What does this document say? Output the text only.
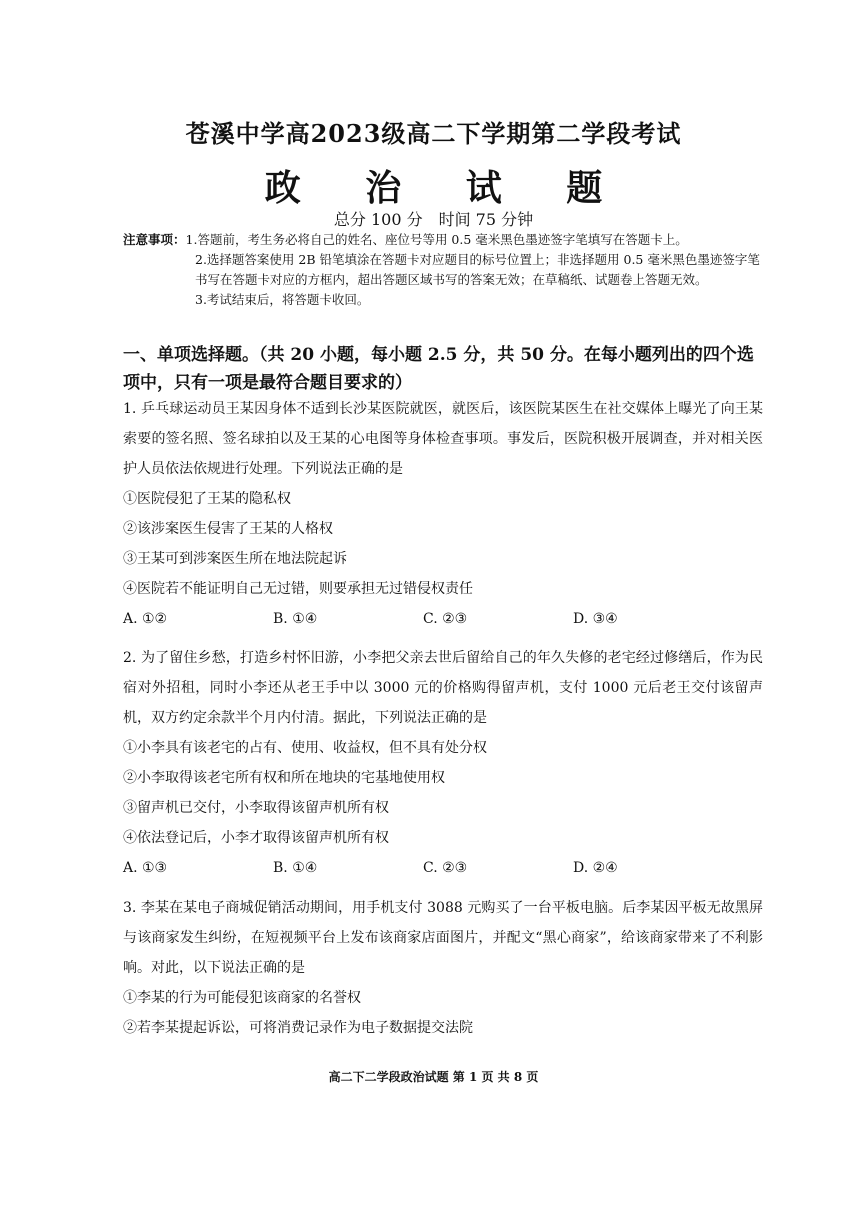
苍溪中学高2023级高二下学期第二学段考试
政 治 试 题
总分 100 分　时间 75 分钟
注意事项：1.答题前，考生务必将自己的姓名、座位号等用 0.5 毫米黑色墨迹签字笔填写在答题卡上。
2.选择题答案使用 2B 铅笔填涂在答题卡对应题目的标号位置上；非选择题用 0.5 毫米黑色墨迹签字笔书写在答题卡对应的方框内，超出答题区域书写的答案无效；在草稿纸、试题卷上答题无效。
3.考试结束后，将答题卡收回。
一、单项选择题。（共 20 小题，每小题 2.5 分，共 50 分。在每小题列出的四个选项中，只有一项是最符合题目要求的）
1. 乒乓球运动员王某因身体不适到长沙某医院就医，就医后，该医院某医生在社交媒体上曝光了向王某索要的签名照、签名球拍以及王某的心电图等身体检查事项。事发后，医院积极开展调查，并对相关医护人员依法依规进行处理。下列说法正确的是
①医院侵犯了王某的隐私权
②该涉案医生侵害了王某的人格权
③王某可到涉案医生所在地法院起诉
④医院若不能证明自己无过错，则要承担无过错侵权责任
A. ①②	B. ①④	C. ②③	D. ③④
2. 为了留住乡愁，打造乡村怀旧游，小李把父亲去世后留给自己的年久失修的老宅经过修缮后，作为民宿对外招租，同时小李还从老王手中以 3000 元的价格购得留声机，支付 1000 元后老王交付该留声机，双方约定余款半个月内付清。据此，下列说法正确的是
①小李具有该老宅的占有、使用、收益权，但不具有处分权
②小李取得该老宅所有权和所在地块的宅基地使用权
③留声机已交付，小李取得该留声机所有权
④依法登记后，小李才取得该留声机所有权
A. ①③	B. ①④	C. ②③	D. ②④
3. 李某在某电子商城促销活动期间，用手机支付 3088 元购买了一台平板电脑。后李某因平板无故黑屏与该商家发生纠纷，在短视频平台上发布该商家店面图片，并配文“黑心商家”，给该商家带来了不利影响。对此，以下说法正确的是
①李某的行为可能侵犯该商家的名誉权
②若李某提起诉讼，可将消费记录作为电子数据提交法院
高二下二学段政治试题 第 1 页 共 8 页
